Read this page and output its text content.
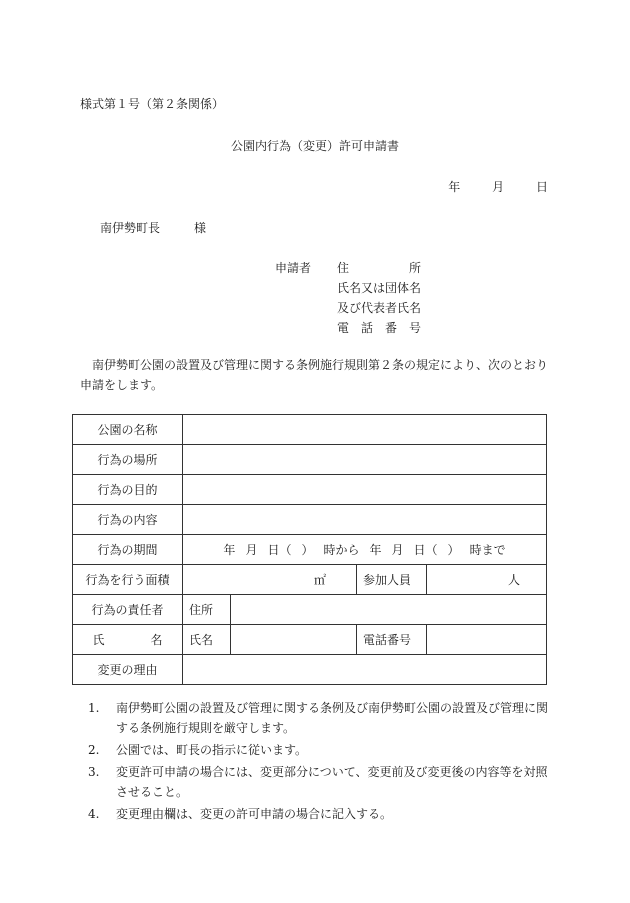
様式第１号（第２条関係）
公園内行為（変更）許可申請書
年	月	日
南伊勢町長	様
申請者 住	所
氏名又は団体名
及び代表者氏名
電 話 番 号
南伊勢町公園の設置及び管理に関する条例施行規則第２条の規定により、次のとおり申請をします。
公園の名称				
行為の場所				
行為の目的				
行為の内容				
行為の期間	年 月 日（ ） 時から 年 月 日（ ） 時まで			
行為を行う面積	㎡		参加人員	人
行為の責任者	住所			

氏 名	氏名		電話番号	
変更の理由				
1. 南伊勢町公園の設置及び管理に関する条例及び南伊勢町公園の設置及び管理に関する条例施行規則を厳守します。
2. 公園では、町長の指示に従います。
3. 変更許可申請の場合には、変更部分について、変更前及び変更後の内容等を対照させること。
4. 変更理由欄は、変更の許可申請の場合に記入する。
